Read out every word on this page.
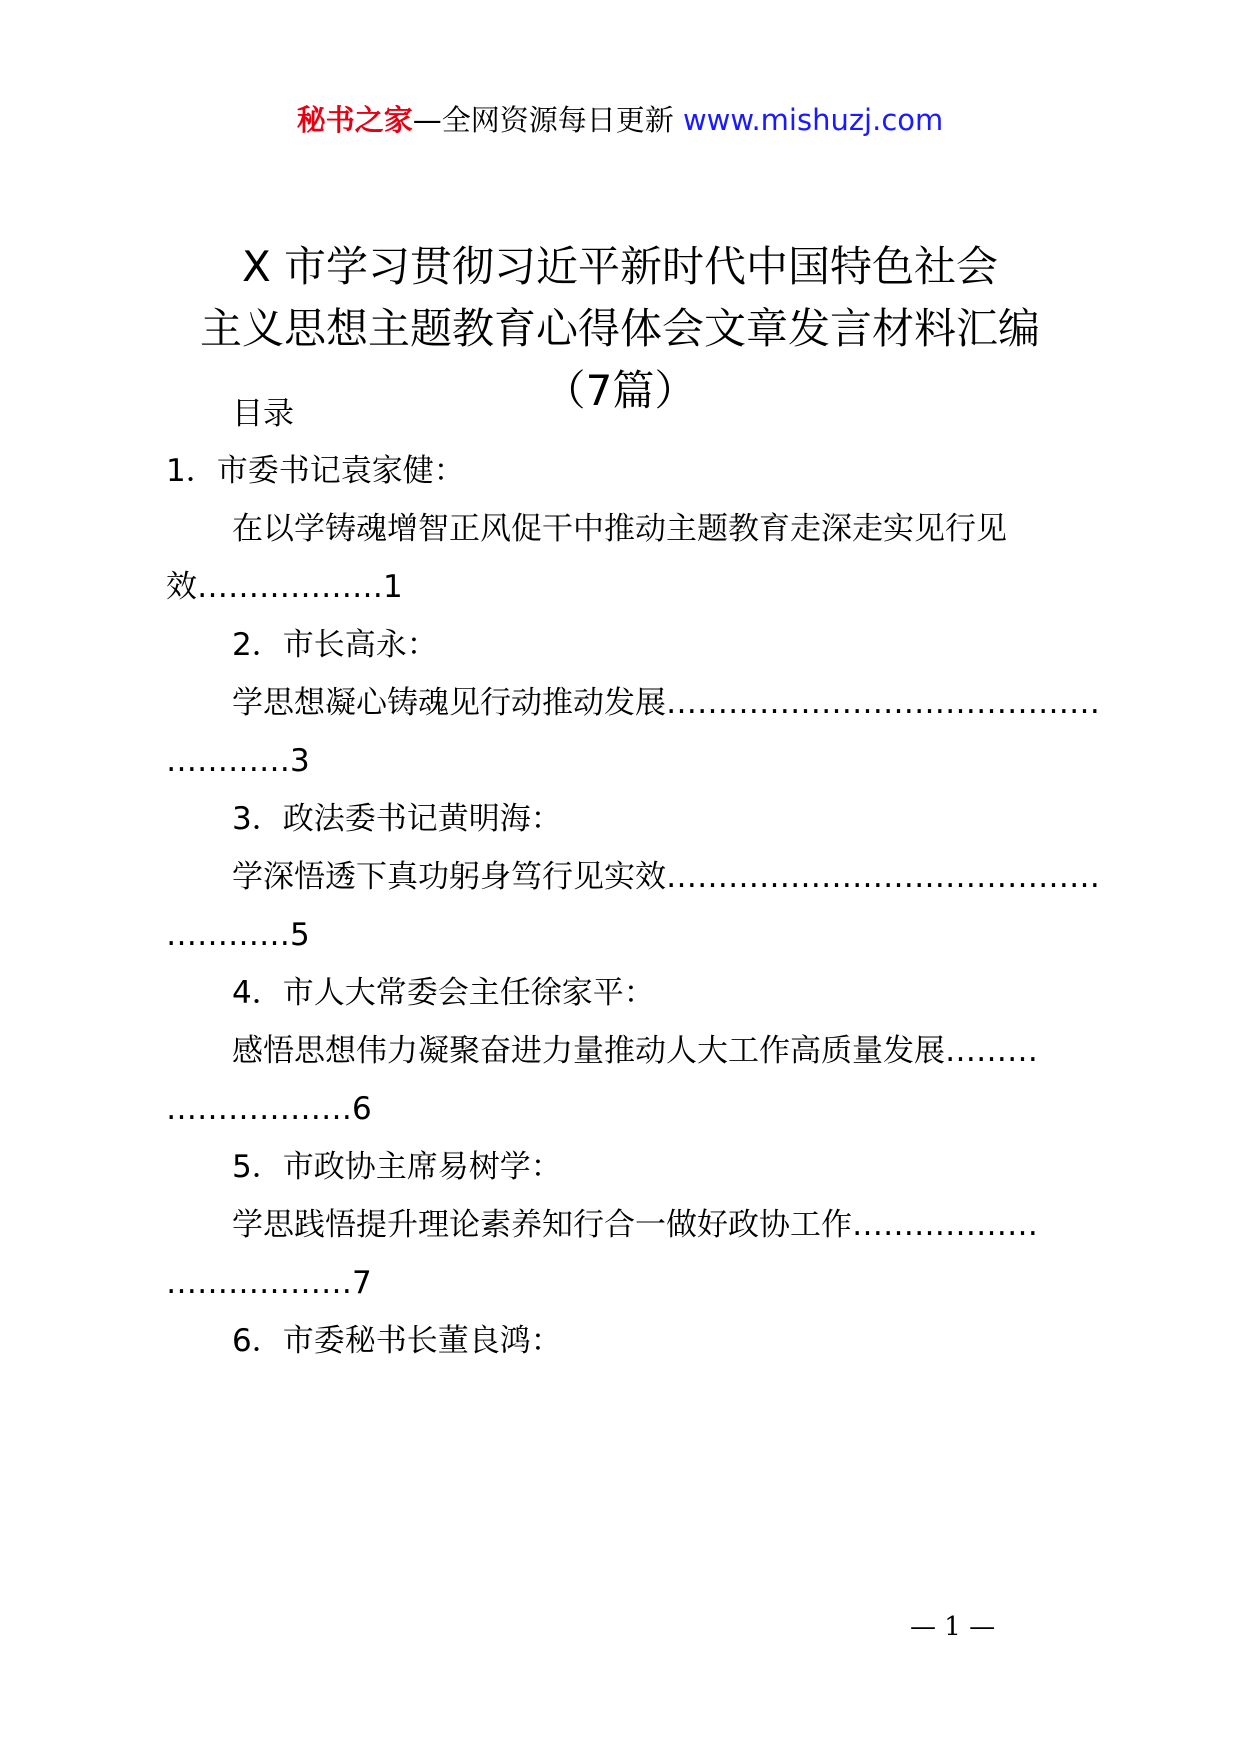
秘书之家—全网资源每日更新 www.mishuzj.com
X 市学习贯彻习近平新时代中国特色社会
主义思想主题教育心得体会文章发言材料汇编
（7篇）
目录
1．市委书记袁家健：
在以学铸魂增智正风促干中推动主题教育走深走实见行见
效………………1
2．市长高永：
学思想凝心铸魂见行动推动发展……………………………………
…………3
3．政法委书记黄明海：
学深悟透下真功躬身笃行见实效……………………………………
…………5
4．市人大常委会主任徐家平：
感悟思想伟力凝聚奋进力量推动人大工作高质量发展………
………………6
5．市政协主席易树学：
学思践悟提升理论素养知行合一做好政协工作………………
………………7
6．市委秘书长董良鸿：
— 1 —
